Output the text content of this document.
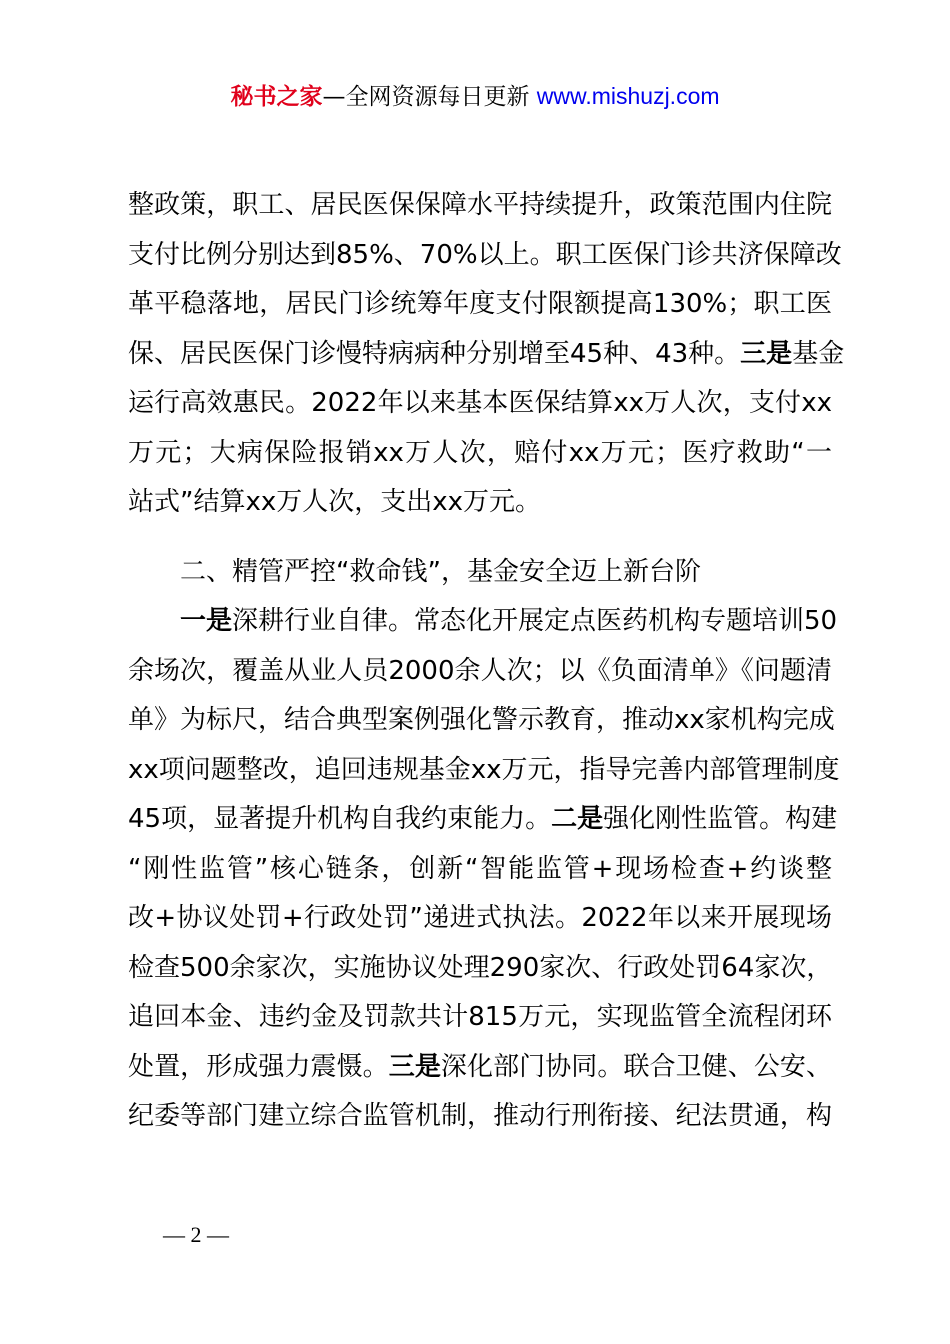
秘书之家—全网资源每日更新 www.mishuzj.com
整政策，职工、居民医保保障水平持续提升，政策范围内住院
支付比例分别达到85%、70%以上。职工医保门诊共济保障改
革平稳落地，居民门诊统筹年度支付限额提高130%；职工医
保、居民医保门诊慢特病病种分别增至45种、43种。三是基金
运行高效惠民。2022年以来基本医保结算xx万人次，支付xx
万元；大病保险报销xx万人次，赔付xx万元；医疗救助“一
站式”结算xx万人次，支出xx万元。
二、精管严控“救命钱”，基金安全迈上新台阶
一是深耕行业自律。常态化开展定点医药机构专题培训50
余场次，覆盖从业人员2000余人次；以《负面清单》《问题清
单》为标尺，结合典型案例强化警示教育，推动xx家机构完成
xx项问题整改，追回违规基金xx万元，指导完善内部管理制度
45项，显著提升机构自我约束能力。二是强化刚性监管。构建
“刚性监管”核心链条，创新“智能监管+现场检查+约谈整
改+协议处罚+行政处罚”递进式执法。2022年以来开展现场
检查500余家次，实施协议处理290家次、行政处罚64家次，
追回本金、违约金及罚款共计815万元，实现监管全流程闭环
处置，形成强力震慑。三是深化部门协同。联合卫健、公安、
纪委等部门建立综合监管机制，推动行刑衔接、纪法贯通，构
— 2 —
